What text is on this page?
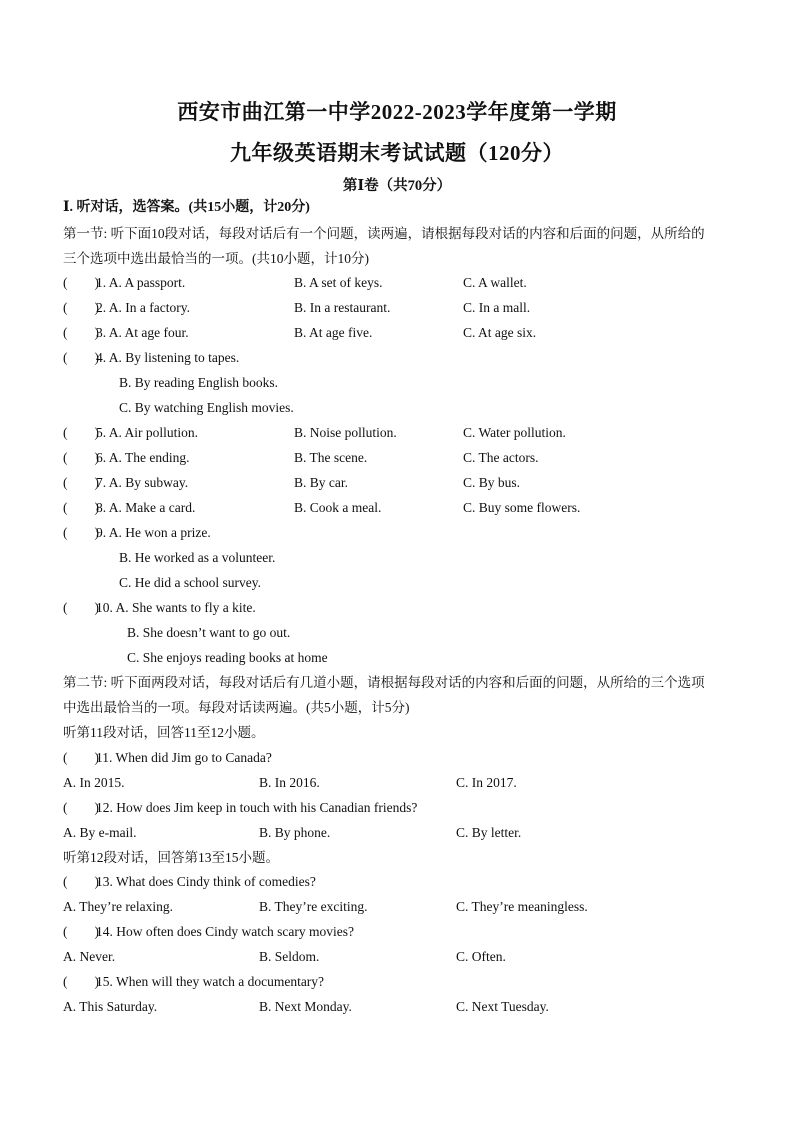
西安市曲江第一中学2022-2023学年度第一学期
九年级英语期末考试试题（120分）
第Ⅰ卷（共70分）
Ⅰ. 听对话，选答案。(共15小题，计20分)
第一节: 听下面10段对话，每段对话后有一个问题，读两遍，请根据每段对话的内容和后面的问题，从所给的
三个选项中选出最恰当的一项。(共10小题，计10分)
(　　)
1. A. A passport.	B. A set of keys.	C. A wallet.
(　　)
2. A. In a factory.	B. In a restaurant.	C. In a mall.
(　　)
3. A. At age four.	B. At age five.	C. At age six.
(　　)
4. A. By listening to tapes.
B. By reading English books.
C. By watching English movies.
(　　)
5. A. Air pollution.	B. Noise pollution.	C. Water pollution.
(　　)
6. A. The ending.	B. The scene.	C. The actors.
(　　)
7. A. By subway.	B. By car.	C. By bus.
(　　)
8. A. Make a card.	B. Cook a meal.	C. Buy some flowers.
(　　)
9. A. He won a prize.
B. He worked as a volunteer.
C. He did a school survey.
(　　)
10. A. She wants to fly a kite.
B. She doesn’t want to go out.
C. She enjoys reading books at home
第二节: 听下面两段对话，每段对话后有几道小题，请根据每段对话的内容和后面的问题，从所给的三个选项
中选出最恰当的一项。每段对话读两遍。(共5小题，计5分)
听第11段对话，回答11至12小题。
(　　)
11. When did Jim go to Canada?
A. In 2015.	B. In 2016.	C. In 2017.
(　　)
12. How does Jim keep in touch with his Canadian friends?
A. By e-mail.	B. By phone.	C. By letter.
听第12段对话，回答第13至15小题。
(　　)
13. What does Cindy think of comedies?
A. They’re relaxing.	B. They’re exciting.	C. They’re meaningless.
(　　)
14. How often does Cindy watch scary movies?
A. Never.	B. Seldom.	C. Often.
(　　)
15. When will they watch a documentary?
A. This Saturday.	B. Next Monday.	C. Next Tuesday.
